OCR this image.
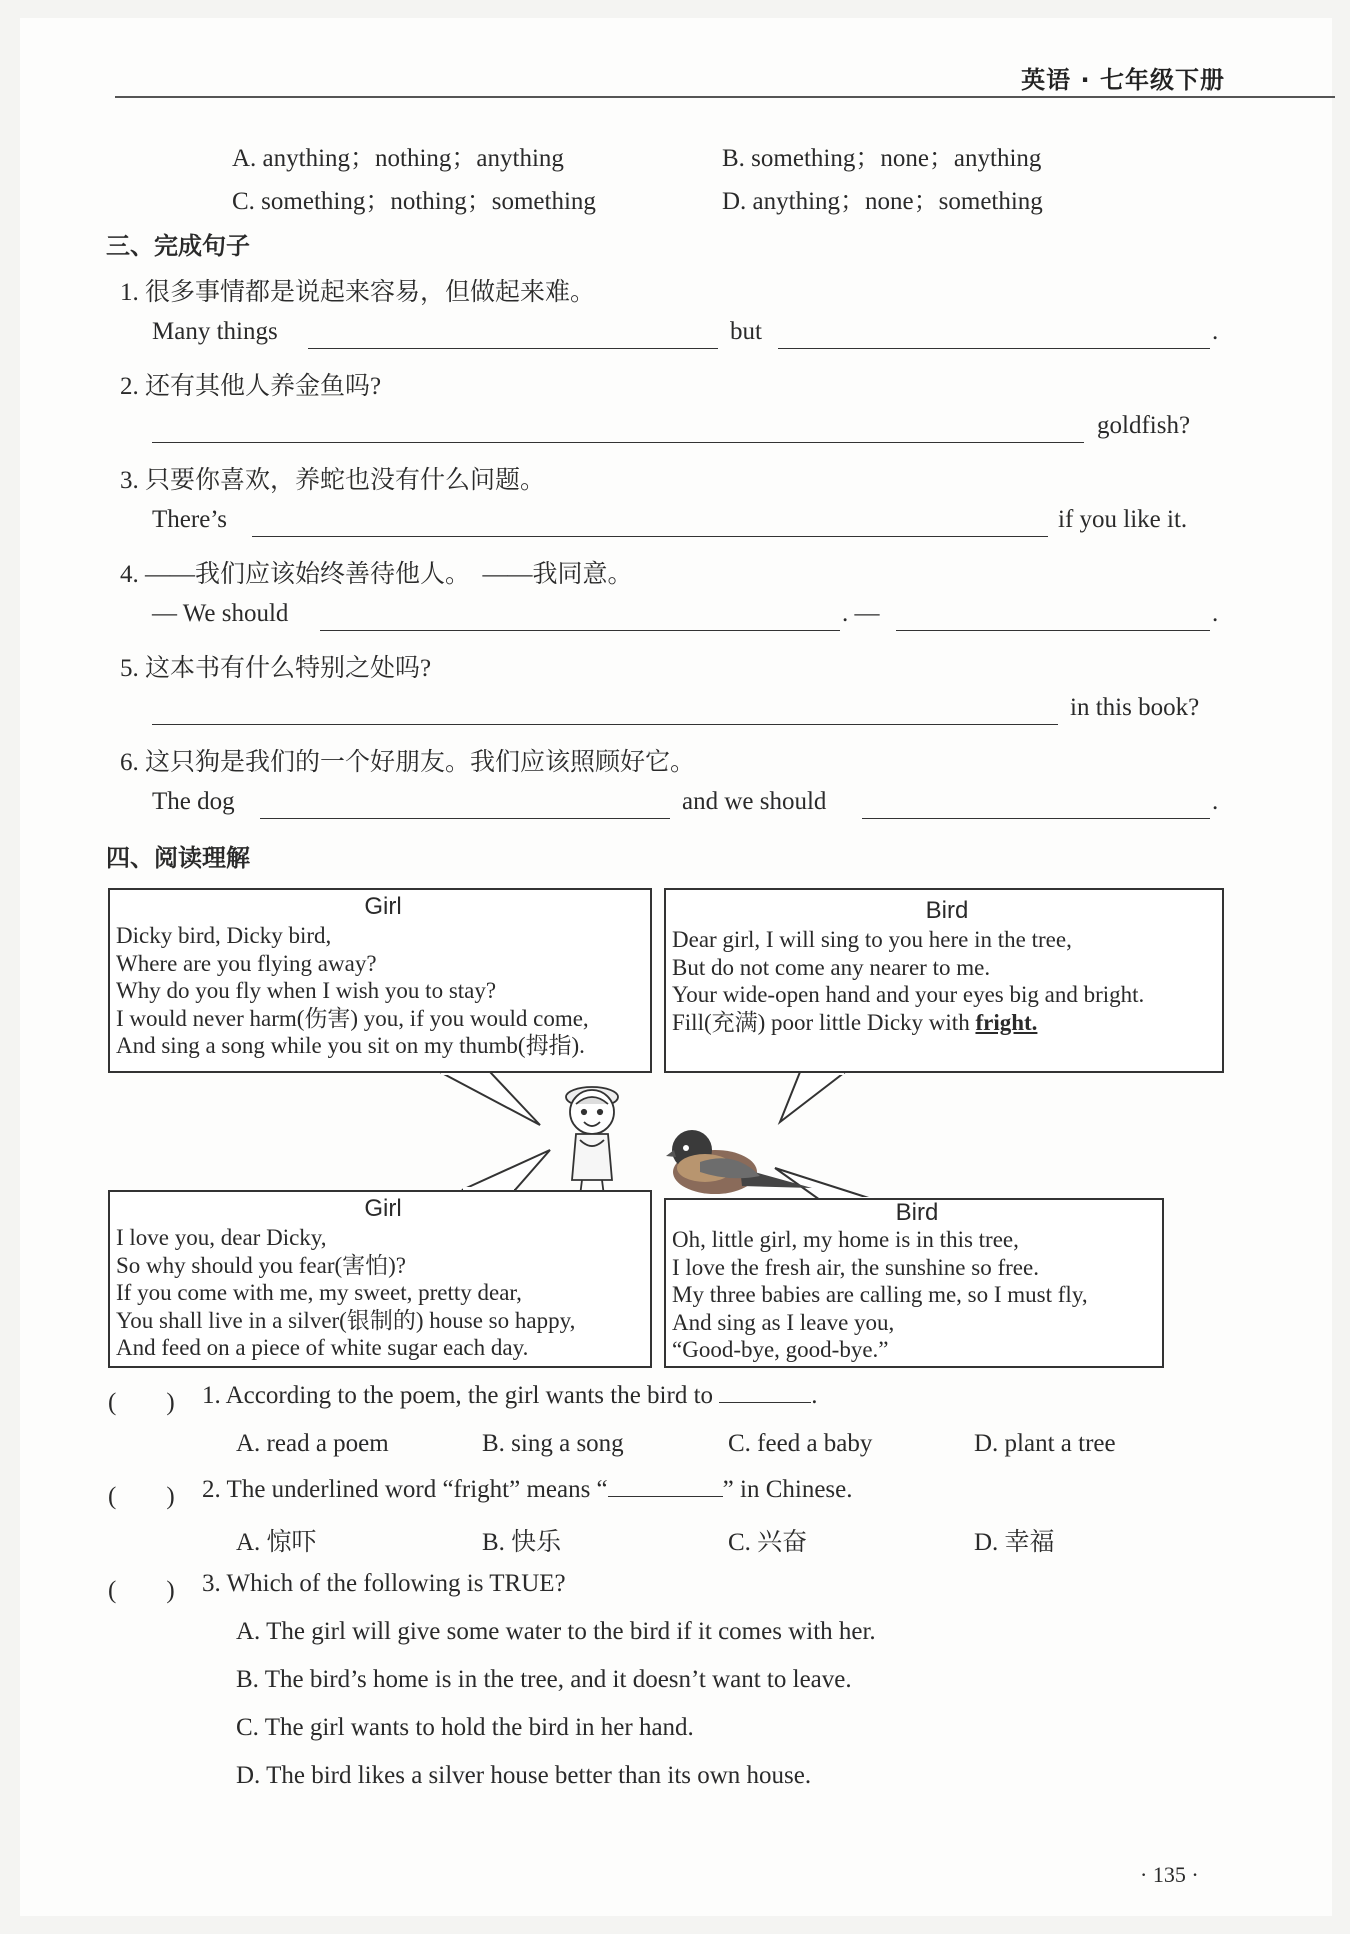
英语 · 七年级下册
A. anything；nothing；anything	B. something；none；anything
C. something；nothing；something	D. anything；none；something
三、完成句子
1. 很多事情都是说起来容易，但做起来难。
Many things	but	.
2. 还有其他人养金鱼吗?
goldfish?
3. 只要你喜欢，养蛇也没有什么问题。
There’s	if you like it.
4. ——我们应该始终善待他人。　——我同意。
— We should	. —	.
5. 这本书有什么特别之处吗?
in this book?
6. 这只狗是我们的一个好朋友。我们应该照顾好它。
The dog	and we should	.
四、阅读理解
Girl
Dicky bird, Dicky bird,
Where are you flying away?
Why do you fly when I wish you to stay?
I would never harm(伤害) you, if you would come,
And sing a song while you sit on my thumb(拇指).
Bird
Dear girl, I will sing to you here in the tree,
But do not come any nearer to me.
Your wide-open hand and your eyes big and bright.
Fill(充满) poor little Dicky with fright.
Girl
I love you, dear Dicky,
So why should you fear(害怕)?
If you come with me, my sweet, pretty dear,
You shall live in a silver(银制的) house so happy,
And feed on a piece of white sugar each day.
Bird
Oh, little girl, my home is in this tree,
I love the fresh air, the sunshine so free.
My three babies are calling me, so I must fly,
And sing as I leave you,
“Good-bye, good-bye.”
(　　) 1. According to the poem, the girl wants the bird to	.
A. read a poem	B. sing a song	C. feed a baby	D. plant a tree
(　　) 2. The underlined word “fright” means “	” in Chinese.
A. 惊吓	B. 快乐	C. 兴奋	D. 幸福
(　　) 3. Which of the following is TRUE?
A. The girl will give some water to the bird if it comes with her.
B. The bird’s home is in the tree, and it doesn’t want to leave.
C. The girl wants to hold the bird in her hand.
D. The bird likes a silver house better than its own house.
· 135 ·
